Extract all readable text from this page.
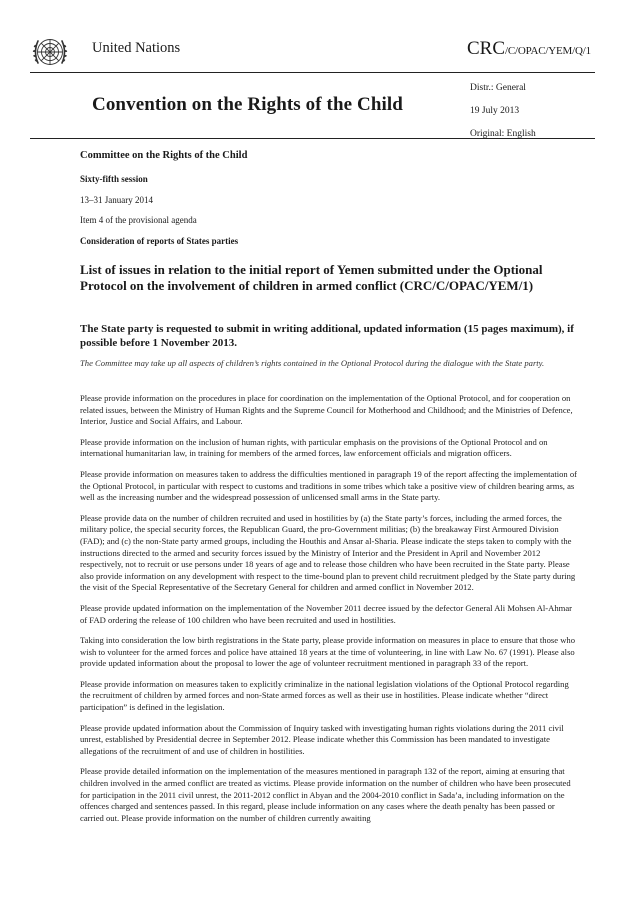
United Nations	CRC/C/OPAC/YEM/Q/1
Convention on the Rights of the Child
Distr.: General
19 July 2013
Original: English
Committee on the Rights of the Child
Sixty-fifth session
13–31 January 2014
Item 4 of the provisional agenda
Consideration of reports of States parties
List of issues in relation to the initial report of Yemen submitted under the Optional Protocol on the involvement of children in armed conflict (CRC/C/OPAC/YEM/1)

The State party is requested to submit in writing additional, updated information (15 pages maximum), if possible before 1 November 2013.

The Committee may take up all aspects of children’s rights contained in the Optional Protocol during the dialogue with the State party.

Please provide information on the procedures in place for coordination on the implementation of the Optional Protocol, and for cooperation on related issues, between the Ministry of Human Rights and the Supreme Council for Motherhood and Childhood; and the Ministries of Defence, Interior, Justice and Social Affairs, and Labour.

Please provide information on the inclusion of human rights, with particular emphasis on the provisions of the Optional Protocol and on international humanitarian law, in training for members of the armed forces, law enforcement officials and migration officers.

Please provide information on measures taken to address the difficulties mentioned in paragraph 19 of the report affecting the implementation of the Optional Protocol, in particular with respect to customs and traditions in some tribes which take a positive view of children bearing arms, as well as the increasing number and the widespread possession of unlicensed small arms in the State party.

Please provide data on the number of children recruited and used in hostilities by (a) the State party’s forces, including the armed forces, the military police, the special security forces, the Republican Guard, the pro-Government militias; (b) the breakaway First Armoured Division (FAD); and (c) the non-State party armed groups, including the Houthis and Ansar al-Sharia. Please indicate the steps taken to comply with the instructions directed to the armed and security forces issued by the Ministry of Interior and the President in April and November 2012 respectively, not to recruit or use persons under 18 years of age and to release those children who have been recruited in the State party. Please also provide information on any development with respect to the time-bound plan to prevent child recruitment pledged by the State party during the visit of the Special Representative of the Secretary General for children and armed conflict in November 2012.

Please provide updated information on the implementation of the November 2011 decree issued by the defector General Ali Mohsen Al-Ahmar of FAD ordering the release of 100 children who have been recruited and used in hostilities.

Taking into consideration the low birth registrations in the State party, please provide information on measures in place to ensure that those who wish to volunteer for the armed forces and police have attained 18 years at the time of volunteering, in line with Law No. 67 (1991). Please also provide updated information about the proposal to lower the age of volunteer recruitment mentioned in paragraph 33 of the report.

Please provide information on measures taken to explicitly criminalize in the national legislation violations of the Optional Protocol regarding the recruitment of children by armed forces and non-State armed forces as well as their use in hostilities. Please indicate whether “direct participation” is defined in the legislation.

Please provide updated information about the Commission of Inquiry tasked with investigating human rights violations during the 2011 civil unrest, established by Presidential decree in September 2012. Please indicate whether this Commission has been mandated to investigate allegations of the recruitment of and use of children in hostilities.

Please provide detailed information on the implementation of the measures mentioned in paragraph 132 of the report, aiming at ensuring that children involved in the armed conflict are treated as victims. Please provide information on the number of children who have been prosecuted for participation in the 2011 civil unrest, the 2011-2012 conflict in Abyan and the 2004-2010 conflict in Sada’a, including information on the offences charged and sentences passed. In this regard, please include information on any cases where the death penalty has been passed or carried out. Please provide information on the number of children currently awaiting
